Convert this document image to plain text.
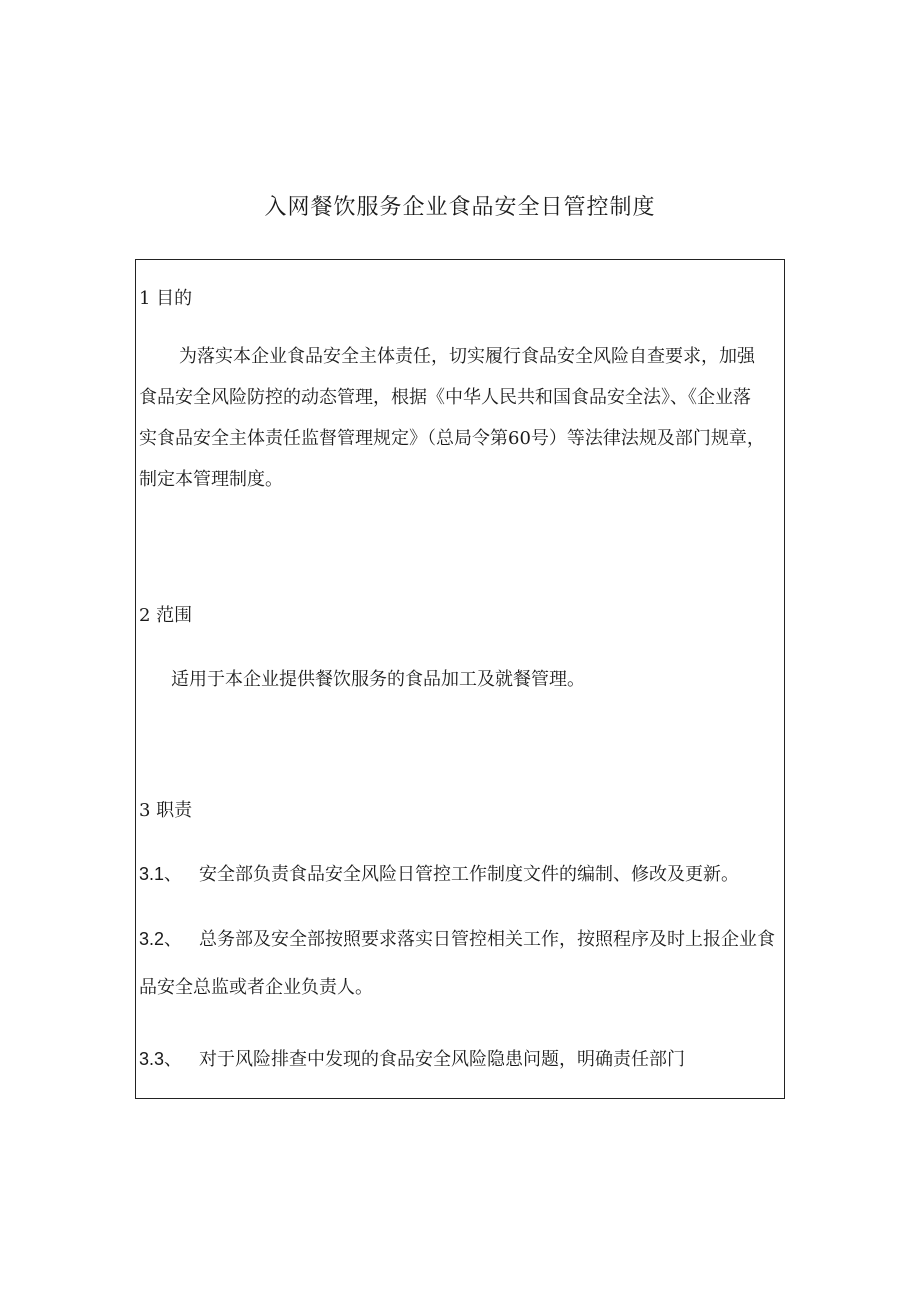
入网餐饮服务企业食品安全日管控制度

1 目的

为落实本企业食品安全主体责任，切实履行食品安全风险自查要求，加强
食品安全风险防控的动态管理，根据《中华人民共和国食品安全法》、《企业落
实食品安全主体责任监督管理规定》（总局令第60号）等法律法规及部门规章，
制定本管理制度。

2 范围

适用于本企业提供餐饮服务的食品加工及就餐管理。

3 职责

3.1、 安全部负责食品安全风险日管控工作制度文件的编制、修改及更新。
3.2、 总务部及安全部按照要求落实日管控相关工作，按照程序及时上报企业食
品安全总监或者企业负责人。
3.3、 对于风险排查中发现的食品安全风险隐患问题，明确责任部门
